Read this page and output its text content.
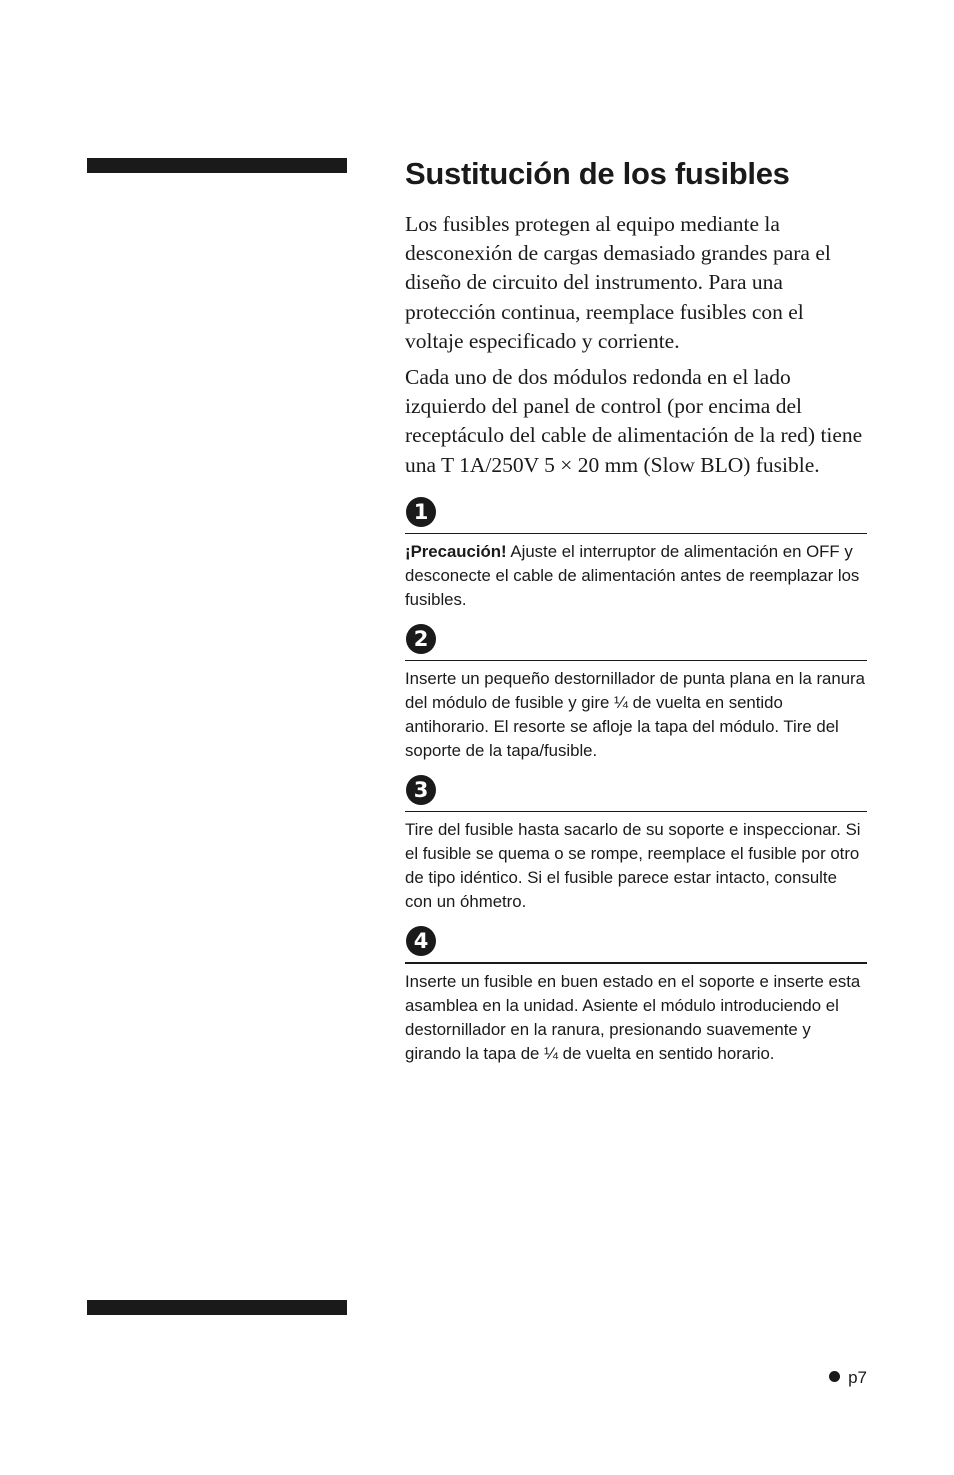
Sustitución de los fusibles

Los fusibles protegen al equipo mediante la desconexión de cargas demasiado grandes para el diseño de circuito del instrumento. Para una protección continua, reemplace fusibles con el voltaje especificado y corriente.

Cada uno de dos módulos redonda en el lado izquierdo del panel de control (por encima del receptáculo del cable de alimentación de la red) tiene una T 1A/250V 5 × 20 mm (Slow BLO) fusible.

1

¡Precaución! Ajuste el interruptor de alimentación en OFF y desconecte el cable de alimentación antes de reemplazar los fusibles.

2

Inserte un pequeño destornillador de punta plana en la ranura del módulo de fusible y gire ¼ de vuelta en sentido antihorario. El resorte se afloje la tapa del módulo. Tire del soporte de la tapa/fusible.

3

Tire del fusible hasta sacarlo de su soporte e inspeccionar. Si el fusible se quema o se rompe, reemplace el fusible por otro de tipo idéntico. Si el fusible parece estar intacto, consulte con un óhmetro.

4

Inserte un fusible en buen estado en el soporte e inserte esta asamblea en la unidad. Asiente el módulo introduciendo el destornillador en la ranura, presionando suavemente y girando la tapa de ¼ de vuelta en sentido horario.

p7
